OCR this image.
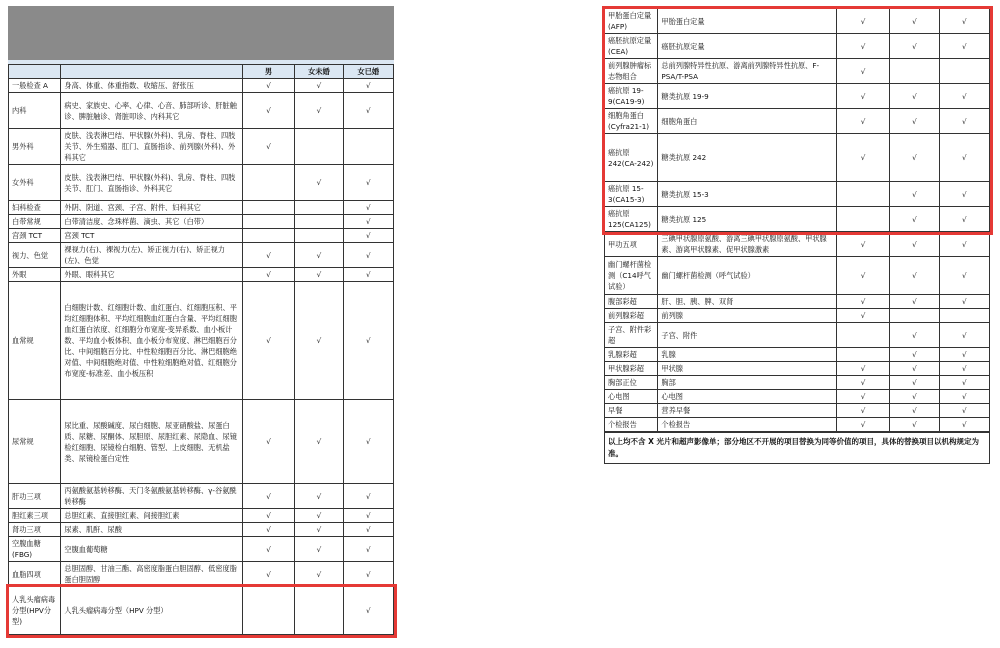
		男	女未婚	女已婚
一般检查 A	身高、体重、体重指数、收缩压、舒张压	√	√	√
内科	病史、家族史、心率、心律、心音、肺部听诊、肝脏触诊、脾脏触诊、肾脏叩诊、内科其它	√	√	√
男外科	皮肤、浅表淋巴结、甲状腺(外科)、乳房、脊柱、四肢关节、外生殖器、肛门、直肠指诊、前列腺(外科)、外科其它	√		
女外科	皮肤、浅表淋巴结、甲状腺(外科)、乳房、脊柱、四肢关节、肛门、直肠指诊、外科其它		√	√
妇科检查	外阴、阴道、宫颈、子宫、附件、妇科其它			√
白带常规	白带清洁度、念珠样菌、滴虫、其它（白带）			√
宫颈 TCT	宫颈 TCT			√
视力、色觉	裸视力(右)、裸视力(左)、矫正视力(右)、矫正视力(左)、色觉	√	√	√
外眼	外眼、眼科其它	√	√	√
血常规	白细胞计数、红细胞计数、血红蛋白、红细胞压积、平均红细胞体积、平均红细胞血红蛋白含量、平均红细胞血红蛋白浓度、红细胞分布宽度-变异系数、血小板计数、平均血小板体积、血小板分布宽度、淋巴细胞百分比、中间细胞百分比、中性粒细胞百分比、淋巴细胞绝对值、中间细胞绝对值、中性粒细胞绝对值、红细胞分布宽度-标准差、血小板压积	√	√	√
尿常规	尿比重、尿酸碱度、尿白细胞、尿亚硝酸盐、尿蛋白质、尿糖、尿酮体、尿胆原、尿胆红素、尿隐血、尿镜检红细胞、尿镜检白细胞、管型、上皮细胞、无机盐类、尿镜检蛋白定性	√	√	√
肝功三项	丙氨酸氨基转移酶、天门冬氨酸氨基转移酶、γ-谷氨酰转移酶	√	√	√
胆红素三项	总胆红素、直接胆红素、间接胆红素	√	√	√
肾功三项	尿素、肌酐、尿酸	√	√	√
空腹血糖(FBG)	空腹血葡萄糖	√	√	√
血脂四项	总胆固醇、甘油三酯、高密度脂蛋白胆固醇、低密度脂蛋白胆固醇	√	√	√
人乳头瘤病毒分型(HPV分型)	人乳头瘤病毒分型（HPV 分型）			√
甲胎蛋白定量(AFP)	甲胎蛋白定量	√	√	√
癌胚抗原定量(CEA)	癌胚抗原定量	√	√	√
前列腺肿瘤标志物组合	总前列腺特异性抗原、游离前列腺特异性抗原、F-PSA/T-PSA	√		
癌抗原 19-9(CA19-9)	糖类抗原 19-9	√	√	√
细胞角蛋白(Cyfra21-1)	细胞角蛋白	√	√	√
癌抗原 242(CA-242)	糖类抗原 242	√	√	√
癌抗原 15-3(CA15-3)	糖类抗原 15-3		√	√
癌抗原 125(CA125)	糖类抗原 125		√	√
甲功五项	三碘甲状腺原氨酸、游离三碘甲状腺原氨酸、甲状腺素、游离甲状腺素、促甲状腺激素	√	√	√
幽门螺杆菌检测（C14呼气试验）	幽门螺杆菌检测（呼气试验）	√	√	√
腹部彩超	肝、胆、胰、脾、双肾	√	√	√
前列腺彩超	前列腺	√		
子宫、附件彩超	子宫、附件		√	√
乳腺彩超	乳腺		√	√
甲状腺彩超	甲状腺	√	√	√
胸部正位	胸部	√	√	√
心电图	心电图	√	√	√
早餐	营养早餐	√	√	√
个检报告	个检报告	√	√	√
以上均不含 X 光片和超声影像单；部分地区不开展的项目替换为同等价值的项目，具体的替换项目以机构规定为准。
